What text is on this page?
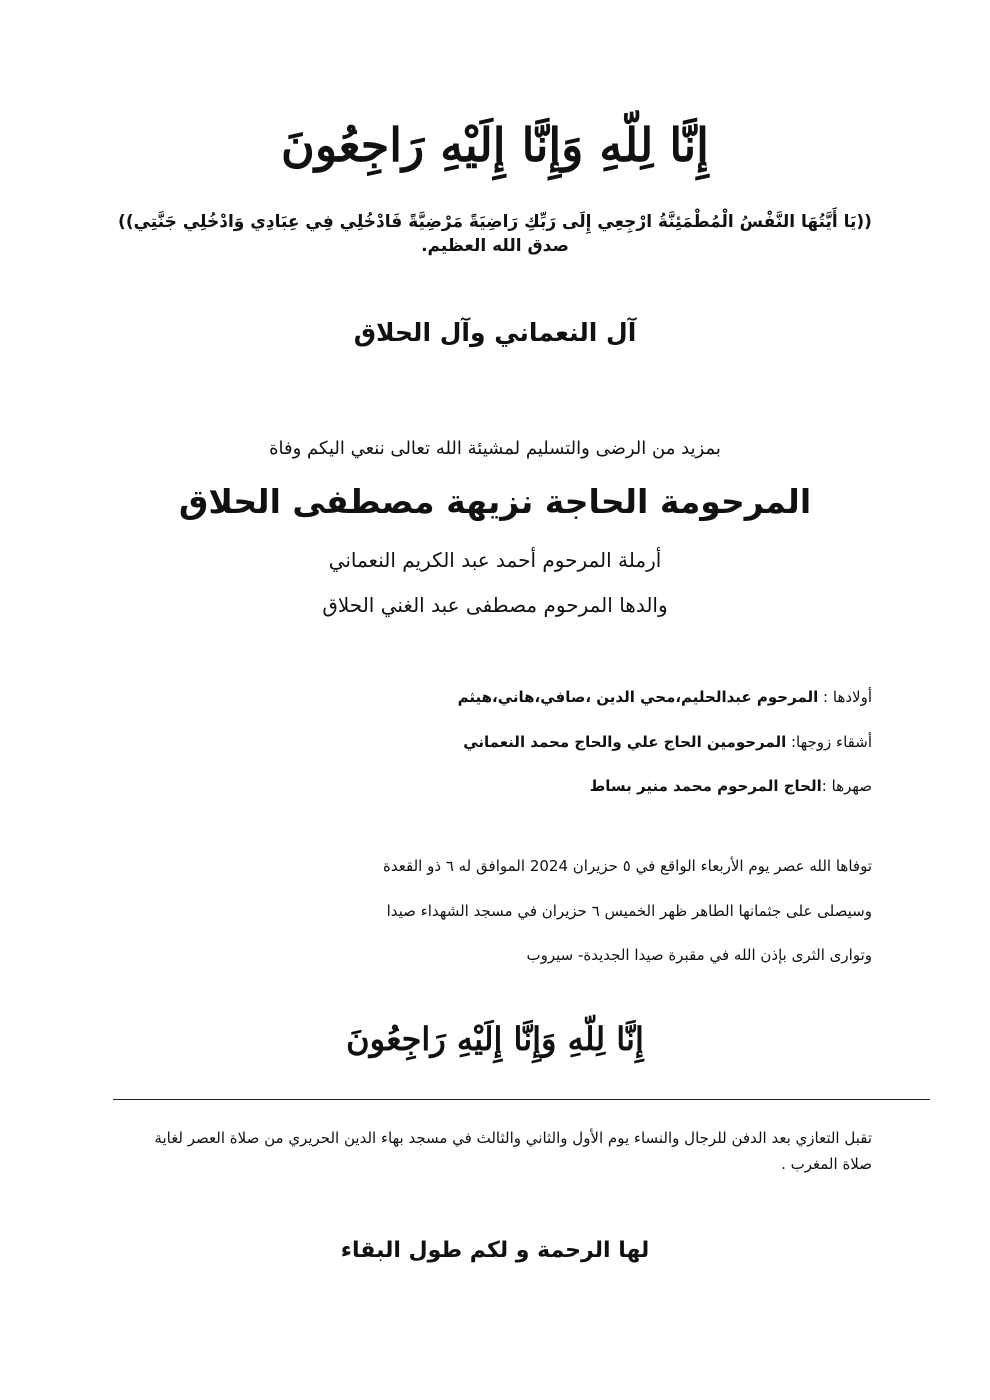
إِنَّا لِلّهِ وَإِنَّا إِلَيْهِ رَاجِعُونَ
((يَا أَيَّتُهَا النَّفْسُ الْمُطْمَئِنَّةُ ارْجِعِي إِلَى رَبِّكِ رَاضِيَةً مَرْضِيَّةً فَادْخُلِي فِي عِبَادِي وَادْخُلِي جَنَّتِي))
صدق الله العظيم.
آل النعماني وآل الحلاق
بمزيد من الرضى والتسليم لمشيئة الله تعالى ننعي اليكم وفاة
المرحومة الحاجة نزيهة مصطفى الحلاق
أرملة المرحوم أحمد عبد الكريم النعماني
والدها المرحوم مصطفى عبد الغني الحلاق
أولادها : المرحوم عبدالحليم،محي الدين ،صافي،هاني،هيثم
أشقاء زوجها: المرحومين الحاج علي والحاج محمد النعماني
صهرها :الحاج المرحوم محمد منير بساط
توفاها الله عصر يوم الأربعاء الواقع في ٥ حزيران 2024 الموافق له ٦ ذو القعدة
وسيصلى على جثمانها الطاهر ظهر الخميس ٦ حزيران في مسجد الشهداء صيدا
وتوارى الثرى بإذن الله في مقبرة صيدا الجديدة- سيروب
إِنَّا لِلّهِ وَإِنَّا إِلَيْهِ رَاجِعُونَ
تقبل التعازي بعد الدفن للرجال والنساء يوم الأول والثاني والثالث في مسجد بهاء الدين الحريري من صلاة العصر لغاية صلاة المغرب .
لها الرحمة و لكم طول البقاء
